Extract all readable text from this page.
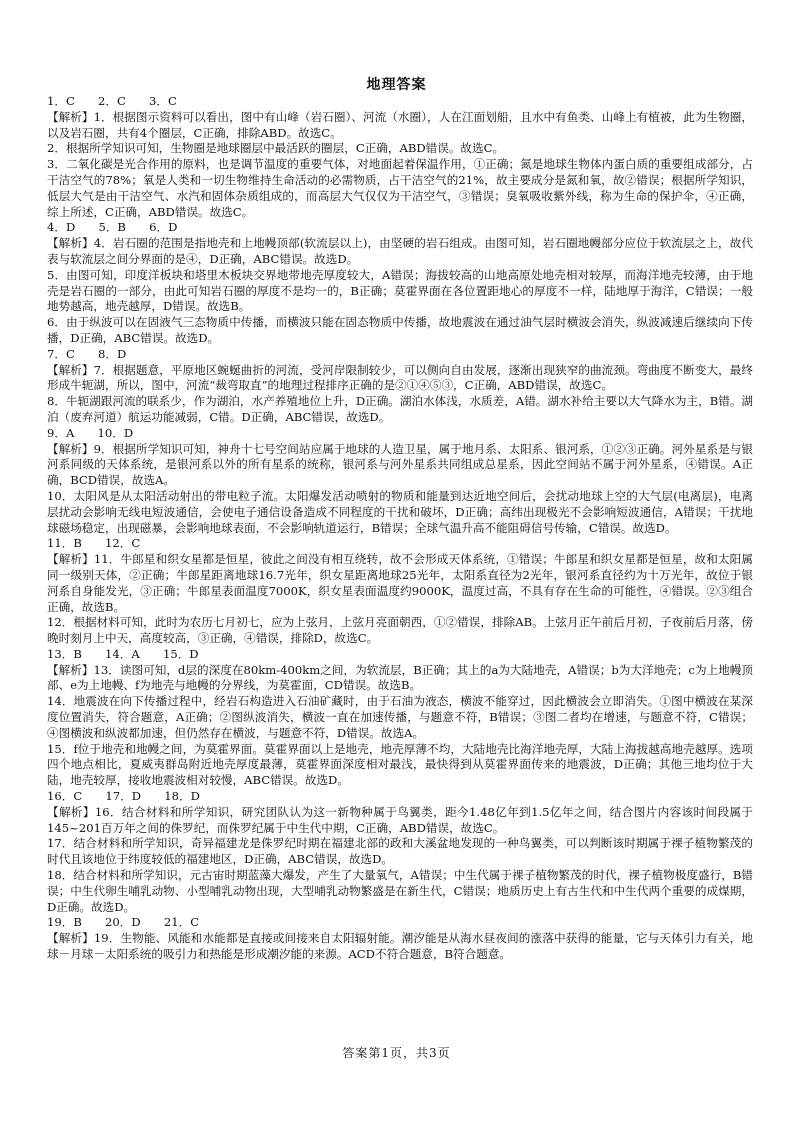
地理答案

1．C　　2．C　　3．C

【解析】1．根据图示资料可以看出，图中有山峰（岩石圈）、河流（水圈），人在江面划船，且水中有鱼类、山峰上有植被，此为生物圈，以及岩石圈，共有4个圈层，C正确，排除ABD。故选C。

2．根据所学知识可知，生物圈是地球圈层中最活跃的圈层，C正确，ABD错误。故选C。

3．二氧化碳是光合作用的原料，也是调节温度的重要气体，对地面起着保温作用，①正确；氮是地球生物体内蛋白质的重要组成部分，占干洁空气的78%；氧是人类和一切生物维持生命活动的必需物质，占干洁空气的21%，故主要成分是氮和氧，故②错误；根据所学知识，低层大气是由干洁空气、水汽和固体杂质组成的，而高层大气仅仅为干洁空气，③错误；臭氧吸收紫外线，称为生命的保护伞，④正确，综上所述，C正确，ABD错误。故选C。

4．D　　5．B　　6．D

【解析】4．岩石圈的范围是指地壳和上地幔顶部(软流层以上)，由坚硬的岩石组成。由图可知，岩石圈地幔部分应位于软流层之上，故代表与软流层之间分界面的是④，D正确，ABC错误。故选D。

5．由图可知，印度洋板块和塔里木板块交界地带地壳厚度较大，A错误；海拔较高的山地高原处地壳相对较厚，而海洋地壳较薄，由于地壳是岩石圈的一部分，由此可知岩石圈的厚度不是均一的，B正确；莫霍界面在各位置距地心的厚度不一样，陆地厚于海洋，C错误；一般地势越高，地壳越厚，D错误。故选B。

6．由于纵波可以在固液气三态物质中传播，而横波只能在固态物质中传播，故地震波在通过油气层时横波会消失，纵波减速后继续向下传播，D正确，ABC错误。故选D。

7．C　　8．D

【解析】7．根据题意，平原地区蜿蜒曲折的河流，受河岸限制较少，可以侧向自由发展，逐渐出现狭窄的曲流颈。弯曲度不断变大，最终形成牛轭湖，所以，图中，河流“裁弯取直”的地理过程排序正确的是②①④⑤③，C正确，ABD错误，故选C。

8．牛轭湖跟河流的联系少，作为湖泊，水产养殖地位上升，D正确。湖泊水体浅，水质差，A错。湖水补给主要以大气降水为主，B错。湖泊（废弃河道）航运功能减弱，C错。D正确，ABC错误，故选D。

9．A　　10．D

【解析】9．根据所学知识可知，神舟十七号空间站应属于地球的人造卫星，属于地月系、太阳系、银河系，①②③正确。河外星系是与银河系同级的天体系统，是银河系以外的所有星系的统称，银河系与河外星系共同组成总星系，因此空间站不属于河外星系，④错误。A正确，BCD错误，故选A。

10．太阳风是从太阳活动射出的带电粒子流。太阳爆发活动喷射的物质和能量到达近地空间后，会扰动地球上空的大气层(电离层)，电离层扰动会影响无线电短波通信，会使电子通信设备造成不同程度的干扰和破坏，D正确；高纬出现极光不会影响短波通信，A错误；干扰地球磁场稳定，出现磁暴，会影响地球表面，不会影响轨道运行，B错误；全球气温升高不能阻碍信号传输，C错误。故选D。

11．B　　12．C

【解析】11．牛郎星和织女星都是恒星，彼此之间没有相互绕转，故不会形成天体系统，①错误；牛郎星和织女星都是恒星，故和太阳属同一级别天体，②正确；牛郎星距离地球16.7光年，织女星距离地球25光年，太阳系直径为2光年，银河系直径约为十万光年，故位于银河系自身能发光，③正确；牛郎星表面温度7000K，织女星表面温度约9000K，温度过高，不具有存在生命的可能性，④错误。②③组合正确，故选B。

12．根据材料可知，此时为农历七月初七，应为上弦月，上弦月亮面朝西，①②错误，排除AB。上弦月正午前后月初，子夜前后月落，傍晚时刻月上中天，高度较高，③正确，④错误，排除D，故选C。

13．B　　14．A　　15．D

【解析】13．读图可知，d层的深度在80km-400km之间，为软流层，B正确；其上的a为大陆地壳，A错误；b为大洋地壳；c为上地幔顶部、e为上地幔、f为地壳与地幔的分界线，为莫霍面，CD错误。故选B。

14．地震波在向下传播过程中，经岩石构造进入石油矿藏时，由于石油为液态，横波不能穿过，因此横波会立即消失。①图中横波在某深度位置消失，符合题意，A正确；②图纵波消失，横波一直在加速传播，与题意不符，B错误；③图二者均在增速，与题意不符，C错误；④图横波和纵波都加速，但仍然存在横波，与题意不符，D错误。故选A。

15．f位于地壳和地幔之间，为莫霍界面。莫霍界面以上是地壳，地壳厚薄不均，大陆地壳比海洋地壳厚，大陆上海拔越高地壳越厚。选项四个地点相比，夏威夷群岛附近地壳厚度最薄，莫霍界面深度相对最浅，最快得到从莫霍界面传来的地震波，D正确；其他三地均位于大陆，地壳较厚，接收地震波相对较慢，ABC错误。故选D。

16．C　　17．D　　18．D

【解析】16．结合材料和所学知识，研究团队认为这一新物种属于鸟翼类，距今1.48亿年到1.5亿年之间，结合图片内容该时间段属于145~201百万年之间的侏罗纪，而侏罗纪属于中生代中期，C正确，ABD错误，故选C。

17．结合材料和所学知识，奇异福建龙是侏罗纪时期在福建北部的政和大溪盆地发现的一种鸟翼类，可以判断该时期属于裸子植物繁茂的时代且该地位于纬度较低的福建地区，D正确，ABC错误，故选D。

18．结合材料和所学知识，元古宙时期蓝藻大爆发，产生了大量氧气，A错误；中生代属于裸子植物繁茂的时代，裸子植物极度盛行，B错误；中生代卵生哺乳动物、小型哺乳动物出现，大型哺乳动物繁盛是在新生代，C错误；地质历史上有古生代和中生代两个重要的成煤期，D正确。故选D。

19．B　　20．D　　21．C

【解析】19．生物能、风能和水能都是直接或间接来自太阳辐射能。潮汐能是从海水昼夜间的涨落中获得的能量，它与天体引力有关，地球－月球－太阳系统的吸引力和热能是形成潮汐能的来源。ACD不符合题意，B符合题意。

答案第1页，共3页
